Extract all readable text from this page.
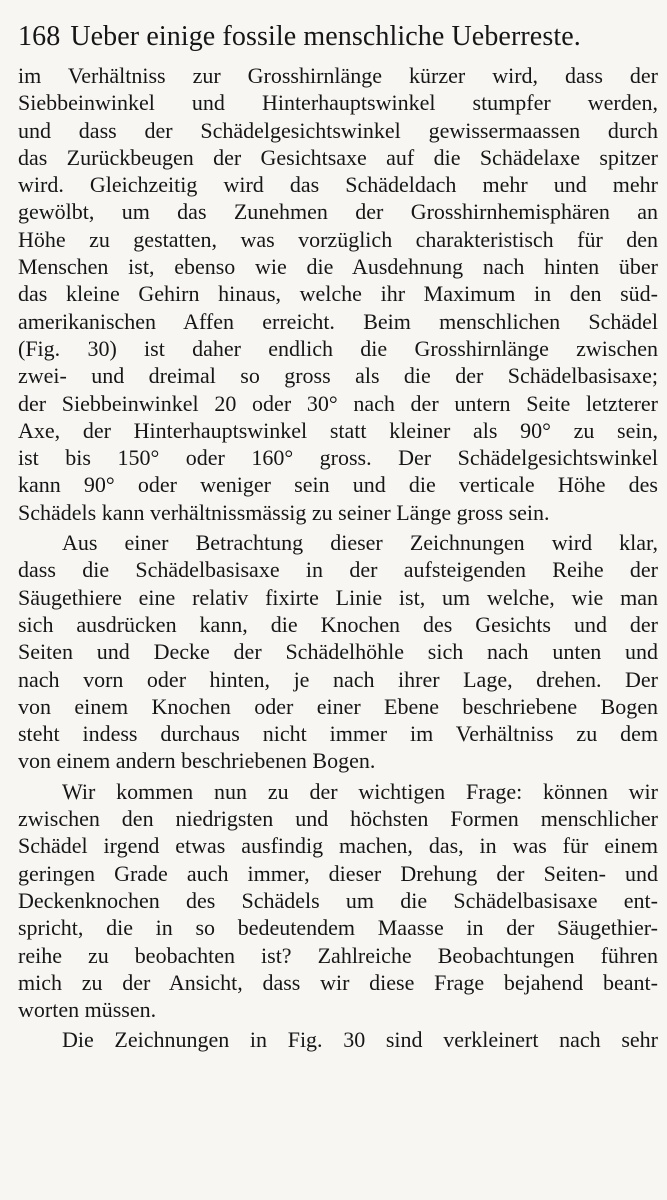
168 Ueber einige fossile menschliche Ueberreste.
im Verhältniss zur Grosshirnlänge kürzer wird, dass der
Siebbeinwinkel und Hinterhauptswinkel stumpfer werden,
und dass der Schädelgesichtswinkel gewissermaassen durch
das Zurückbeugen der Gesichtsaxe auf die Schädelaxe spitzer
wird. Gleichzeitig wird das Schädeldach mehr und mehr
gewölbt, um das Zunehmen der Grosshirnhemisphären an
Höhe zu gestatten, was vorzüglich charakteristisch für den
Menschen ist, ebenso wie die Ausdehnung nach hinten über
das kleine Gehirn hinaus, welche ihr Maximum in den süd-
amerikanischen Affen erreicht. Beim menschlichen Schädel
(Fig. 30) ist daher endlich die Grosshirnlänge zwischen
zwei- und dreimal so gross als die der Schädelbasisaxe;
der Siebbeinwinkel 20 oder 30° nach der untern Seite letzterer
Axe, der Hinterhauptswinkel statt kleiner als 90° zu sein,
ist bis 150° oder 160° gross. Der Schädelgesichtswinkel
kann 90° oder weniger sein und die verticale Höhe des
Schädels kann verhältnissmässig zu seiner Länge gross sein.
Aus einer Betrachtung dieser Zeichnungen wird klar,
dass die Schädelbasisaxe in der aufsteigenden Reihe der
Säugethiere eine relativ fixirte Linie ist, um welche, wie man
sich ausdrücken kann, die Knochen des Gesichts und der
Seiten und Decke der Schädelhöhle sich nach unten und
nach vorn oder hinten, je nach ihrer Lage, drehen. Der
von einem Knochen oder einer Ebene beschriebene Bogen
steht indess durchaus nicht immer im Verhältniss zu dem
von einem andern beschriebenen Bogen.
Wir kommen nun zu der wichtigen Frage: können wir
zwischen den niedrigsten und höchsten Formen menschlicher
Schädel irgend etwas ausfindig machen, das, in was für einem
geringen Grade auch immer, dieser Drehung der Seiten- und
Deckenknochen des Schädels um die Schädelbasisaxe ent-
spricht, die in so bedeutendem Maasse in der Säugethier-
reihe zu beobachten ist? Zahlreiche Beobachtungen führen
mich zu der Ansicht, dass wir diese Frage bejahend beant-
worten müssen.
Die Zeichnungen in Fig. 30 sind verkleinert nach sehr
